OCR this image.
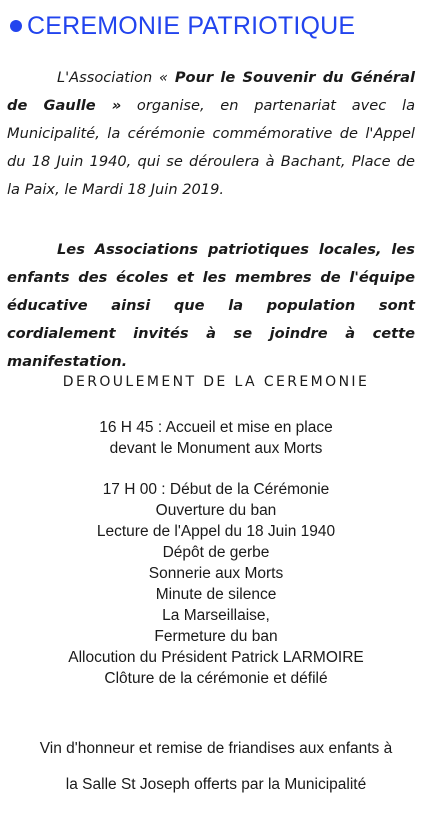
CEREMONIE PATRIOTIQUE

L'Association « Pour le Souvenir du Général de Gaulle » organise, en partenariat avec la Municipalité, la cérémonie commémorative de l'Appel du 18 Juin 1940, qui se déroulera à Bachant, Place de la Paix, le Mardi 18 Juin 2019.

Les Associations patriotiques locales, les enfants des écoles et les membres de l'équipe éducative ainsi que la population sont cordialement invités à se joindre à cette manifestation.

DEROULEMENT DE LA CEREMONIE
16 H 45 : Accueil et mise en place
devant le Monument aux Morts
17 H 00 : Début de la Cérémonie
Ouverture du ban
Lecture de l'Appel du 18 Juin 1940
Dépôt de gerbe
Sonnerie aux Morts
Minute de silence
La Marseillaise,
Fermeture du ban
Allocution du Président Patrick LARMOIRE
Clôture de la cérémonie et défilé
Vin d'honneur et remise de friandises aux enfants à
la Salle St Joseph offerts par la Municipalité
